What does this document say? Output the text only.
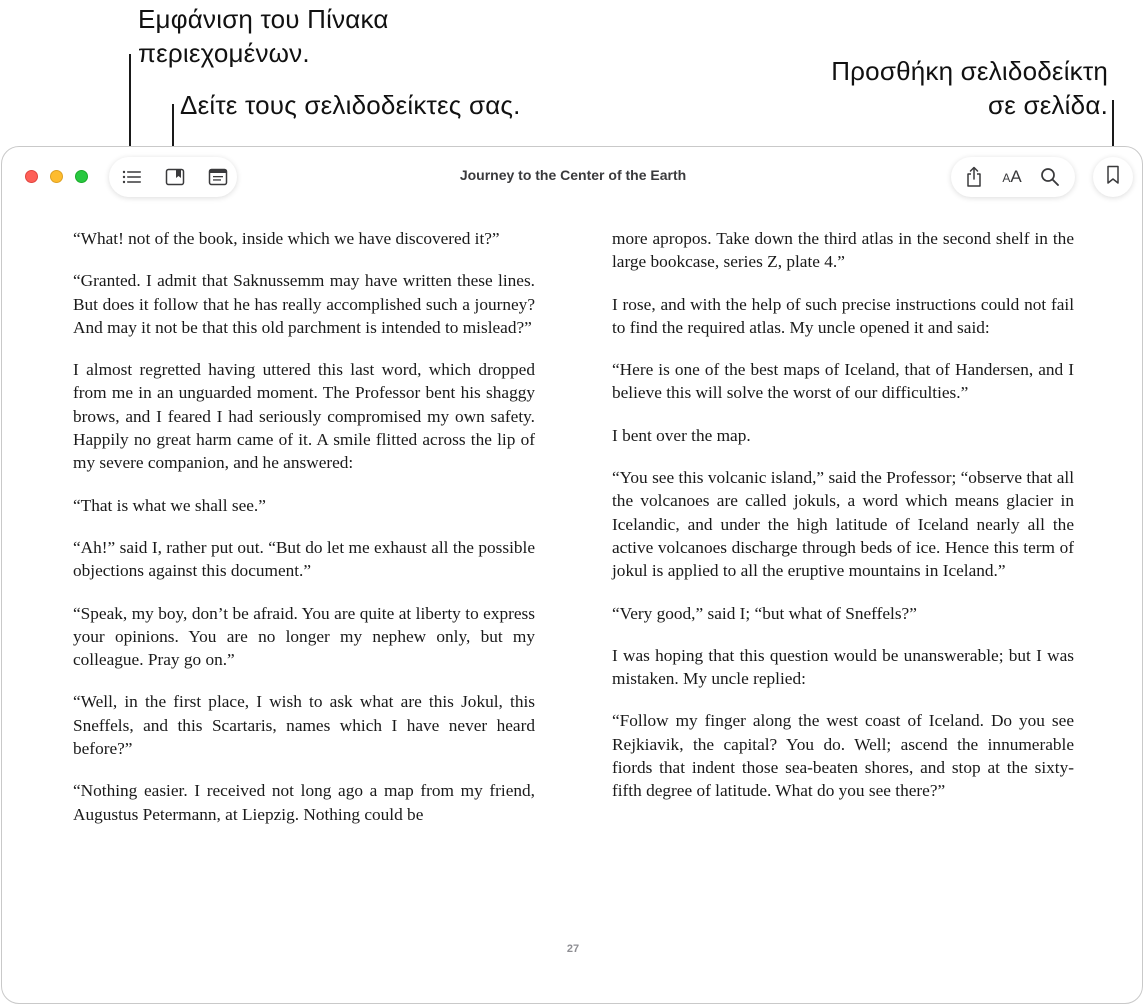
Εμφάνιση του Πίνακα
περιεχομένων.
Δείτε τους σελιδοδείκτες σας.
Προσθήκη σελιδοδείκτη
σε σελίδα.
Journey to the Center of the Earth	AA

“What! not of the book, inside which we have discovered it?”

“Granted. I admit that Saknussemm may have written these lines. But does it follow that he has really accomplished such a journey? And may it not be that this old parchment is intended to mislead?”

I almost regretted having uttered this last word, which dropped from me in an unguarded moment. The Professor bent his shaggy brows, and I feared I had seriously compromised my own safety. Happily no great harm came of it. A smile flitted across the lip of my severe companion, and he answered:

“That is what we shall see.”

“Ah!” said I, rather put out. “But do let me exhaust all the possible objections against this document.”

“Speak, my boy, don’t be afraid. You are quite at liberty to express your opinions. You are no longer my nephew only, but my colleague. Pray go on.”

“Well, in the first place, I wish to ask what are this Jokul, this Sneffels, and this Scartaris, names which I have never heard before?”

“Nothing easier. I received not long ago a map from my friend, Augustus Petermann, at Liepzig. Nothing could be

more apropos. Take down the third atlas in the second shelf in the large bookcase, series Z, plate 4.”

I rose, and with the help of such precise instructions could not fail to find the required atlas. My uncle opened it and said:

“Here is one of the best maps of Iceland, that of Handersen, and I believe this will solve the worst of our difficulties.”

I bent over the map.

“You see this volcanic island,” said the Professor; “observe that all the volcanoes are called jokuls, a word which means glacier in Icelandic, and under the high latitude of Iceland nearly all the active volcanoes discharge through beds of ice. Hence this term of jokul is applied to all the eruptive mountains in Iceland.”

“Very good,” said I; “but what of Sneffels?”

I was hoping that this question would be unanswerable; but I was mistaken. My uncle replied:

“Follow my finger along the west coast of Iceland. Do you see Rejkiavik, the capital? You do. Well; ascend the innumerable fiords that indent those sea-beaten shores, and stop at the sixty-fifth degree of latitude. What do you see there?”

27
